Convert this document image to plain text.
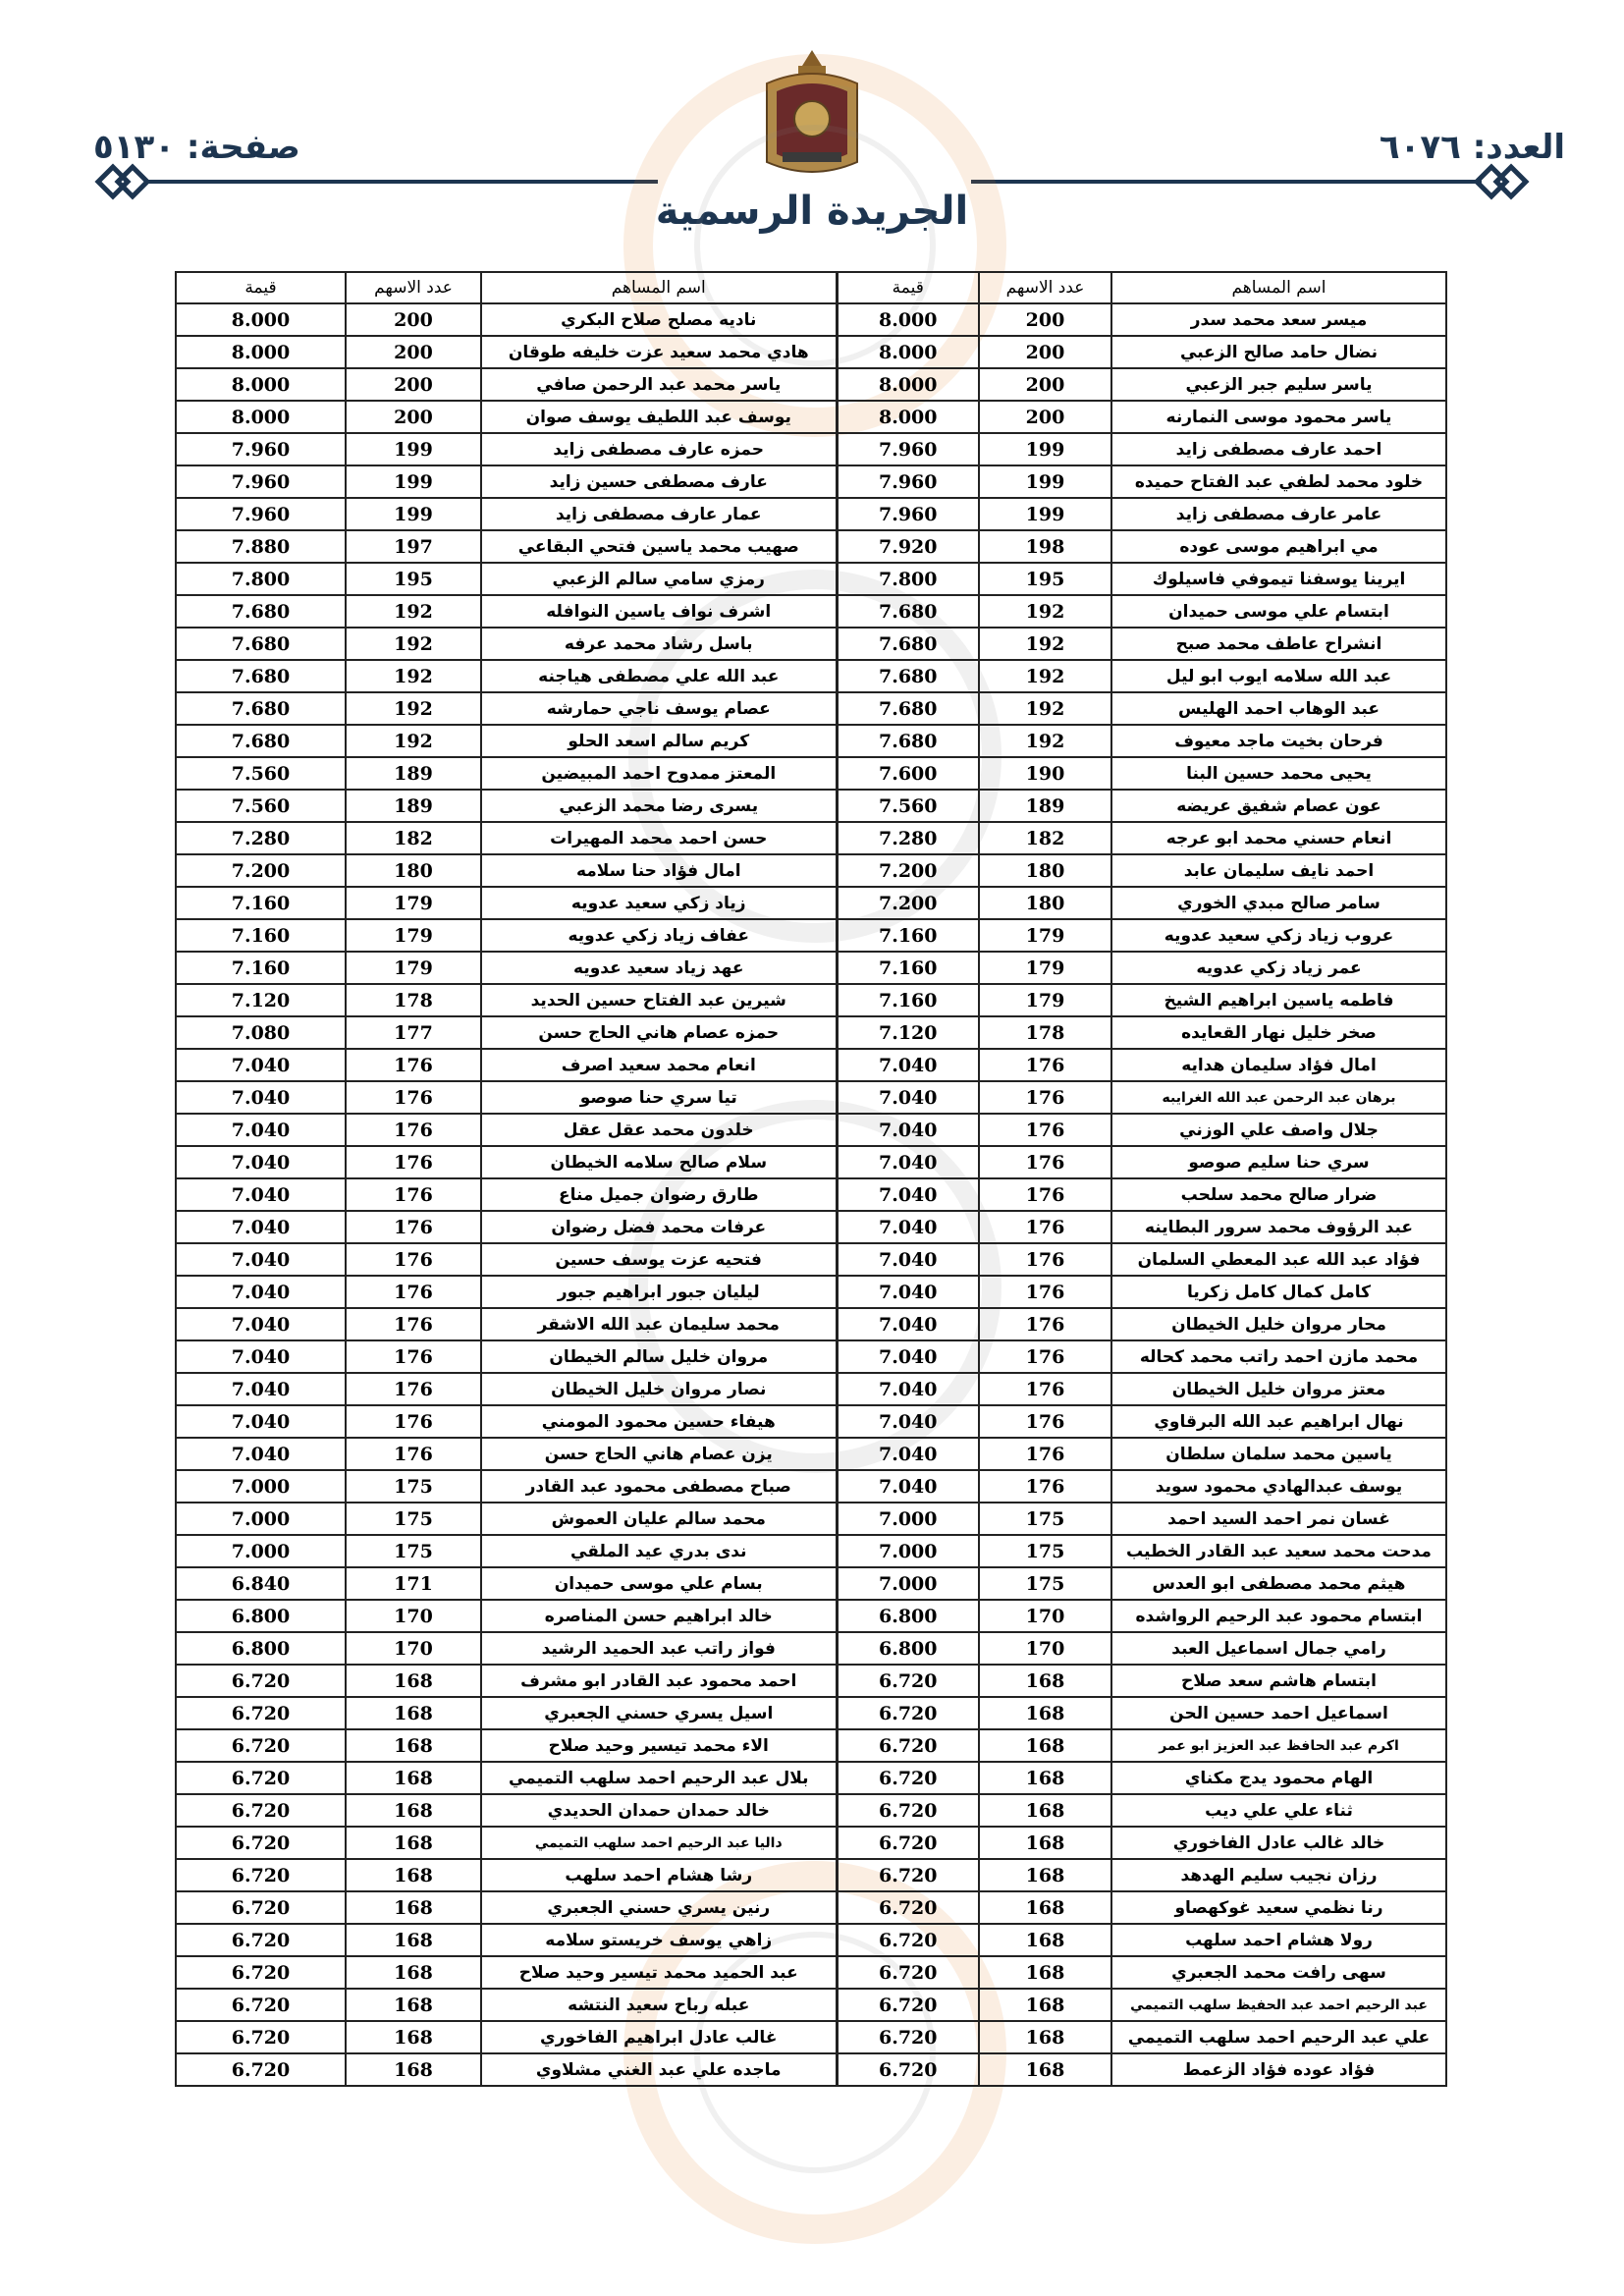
العدد: ٦٠٧٦
صفحة: ٥١٣٠
الجريدة الرسمية
اسم المساهم	عدد الاسهم	قيمة	اسم المساهم	عدد الاسهم	قيمة
ميسر سعد محمد سدر	200	8.000	ناديه مصلح صلاح البكري	200	8.000
نضال حامد صالح الزعبي	200	8.000	هادي محمد سعيد عزت خليفه طوقان	200	8.000
ياسر سليم جبر الزعبي	200	8.000	ياسر محمد عبد الرحمن صافي	200	8.000
ياسر محمود موسى النمارنه	200	8.000	يوسف عبد اللطيف يوسف صوان	200	8.000
احمد عارف مصطفى زايد	199	7.960	حمزه عارف مصطفى زايد	199	7.960
خلود محمد لطفي عبد الفتاح حميده	199	7.960	عارف مصطفى حسين زايد	199	7.960
عامر عارف مصطفى زايد	199	7.960	عمار عارف مصطفى زايد	199	7.960
مي ابراهيم موسى عوده	198	7.920	صهيب محمد ياسين فتحي البقاعي	197	7.880
ايرينا يوسفنا تيموفي فاسيلوك	195	7.800	رمزي سامي سالم الزعبي	195	7.800
ابتسام علي موسى حميدان	192	7.680	اشرف نواف ياسين النوافله	192	7.680
انشراح عاطف محمد صبح	192	7.680	باسل رشاد محمد عرفه	192	7.680
عبد الله سلامه ايوب ابو ليل	192	7.680	عبد الله علي مصطفى هياجنه	192	7.680
عبد الوهاب احمد الهليس	192	7.680	عصام يوسف ناجي حمارشه	192	7.680
فرحان بخيت ماجد معيوف	192	7.680	كريم سالم اسعد الحلو	192	7.680
يحيى محمد حسين البنا	190	7.600	المعتز ممدوح احمد المبيضين	189	7.560
عون عصام شفيق عريضه	189	7.560	يسرى رضا محمد الزعبي	189	7.560
انعام حسني محمد ابو عرجه	182	7.280	حسن احمد محمد المهيرات	182	7.280
احمد نايف سليمان عابد	180	7.200	امال فؤاد حنا سلامه	180	7.200
سامر صالح مبدي الخوري	180	7.200	زياد زكي سعيد عدويه	179	7.160
عروب زياد زكي سعيد عدويه	179	7.160	عفاف زياد زكي عدويه	179	7.160
عمر زياد زكي عدويه	179	7.160	عهد زياد سعيد عدويه	179	7.160
فاطمه ياسين ابراهيم الشيخ	179	7.160	شيرين عبد الفتاح حسين الحديد	178	7.120
صخر خليل نهار القعايده	178	7.120	حمزه عصام هاني الحاج حسن	177	7.080
امال فؤاد سليمان هدايه	176	7.040	انعام محمد سعيد اصرف	176	7.040
برهان عبد الرحمن عبد الله الغرايبه	176	7.040	تيا سري حنا صوصو	176	7.040
جلال واصف علي الوزني	176	7.040	خلدون محمد عقل عقل	176	7.040
سري حنا سليم صوصو	176	7.040	سلام صالح سلامه الخيطان	176	7.040
ضرار صالح محمد سلحب	176	7.040	طارق رضوان جميل مناع	176	7.040
عبد الرؤوف محمد سرور البطاينه	176	7.040	عرفات محمد فضل رضوان	176	7.040
فؤاد عبد الله عبد المعطي السلمان	176	7.040	فتحيه عزت يوسف حسين	176	7.040
كامل كمال كامل زكريا	176	7.040	ليليان جبور ابراهيم جبور	176	7.040
محار مروان خليل الخيطان	176	7.040	محمد سليمان عبد الله الاشقر	176	7.040
محمد مازن احمد راتب محمد كحاله	176	7.040	مروان خليل سالم الخيطان	176	7.040
معتز مروان خليل الخيطان	176	7.040	نصار مروان خليل الخيطان	176	7.040
نهال ابراهيم عبد الله البرقاوي	176	7.040	هيفاء حسين محمود المومني	176	7.040
ياسين محمد سلمان سلطان	176	7.040	يزن عصام هاني الحاج حسن	176	7.040
يوسف عبدالهادي محمود سويد	176	7.040	صباح مصطفى محمود عبد القادر	175	7.000
غسان نمر احمد السيد احمد	175	7.000	محمد سالم عليان العموش	175	7.000
مدحت محمد سعيد عبد القادر الخطيب	175	7.000	ندى بدري عيد الملقي	175	7.000
هيثم محمد مصطفى ابو العدس	175	7.000	بسام علي موسى حميدان	171	6.840
ابتسام محمود عبد الرحيم الرواشده	170	6.800	خالد ابراهيم حسن المناصره	170	6.800
رامي جمال اسماعيل العبد	170	6.800	فواز راتب عبد الحميد الرشيد	170	6.800
ابتسام هاشم سعد صلاح	168	6.720	احمد محمود عبد القادر ابو مشرف	168	6.720
اسماعيل احمد حسين الحن	168	6.720	اسيل يسري حسني الجعبري	168	6.720
اكرم عبد الحافظ عبد العزيز ابو عمر	168	6.720	الاء محمد تيسير وحيد صلاح	168	6.720
الهام محمود يدج مكناي	168	6.720	بلال عبد الرحيم احمد سلهب التميمي	168	6.720
ثناء علي علي ديب	168	6.720	خالد حمدان حمدان الحديدي	168	6.720
خالد غالب عادل الفاخوري	168	6.720	داليا عبد الرحيم احمد سلهب التميمي	168	6.720
رزان نجيب سليم الهدهد	168	6.720	رشا هشام احمد سلهب	168	6.720
رنا نظمي سعيد غوكهصاو	168	6.720	رنين يسري حسني الجعبري	168	6.720
رولا هشام احمد سلهب	168	6.720	زاهي يوسف خريستو سلامه	168	6.720
سهى رافت محمد الجعبري	168	6.720	عبد الحميد محمد تيسير وحيد صلاح	168	6.720
عبد الرحيم احمد عبد الحفيظ سلهب التميمي	168	6.720	عبله رباح سعيد النتشه	168	6.720
علي عبد الرحيم احمد سلهب التميمي	168	6.720	غالب عادل ابراهيم الفاخوري	168	6.720
فؤاد عوده فؤاد الزعمط	168	6.720	ماجده علي عبد الغني مشلاوي	168	6.720
